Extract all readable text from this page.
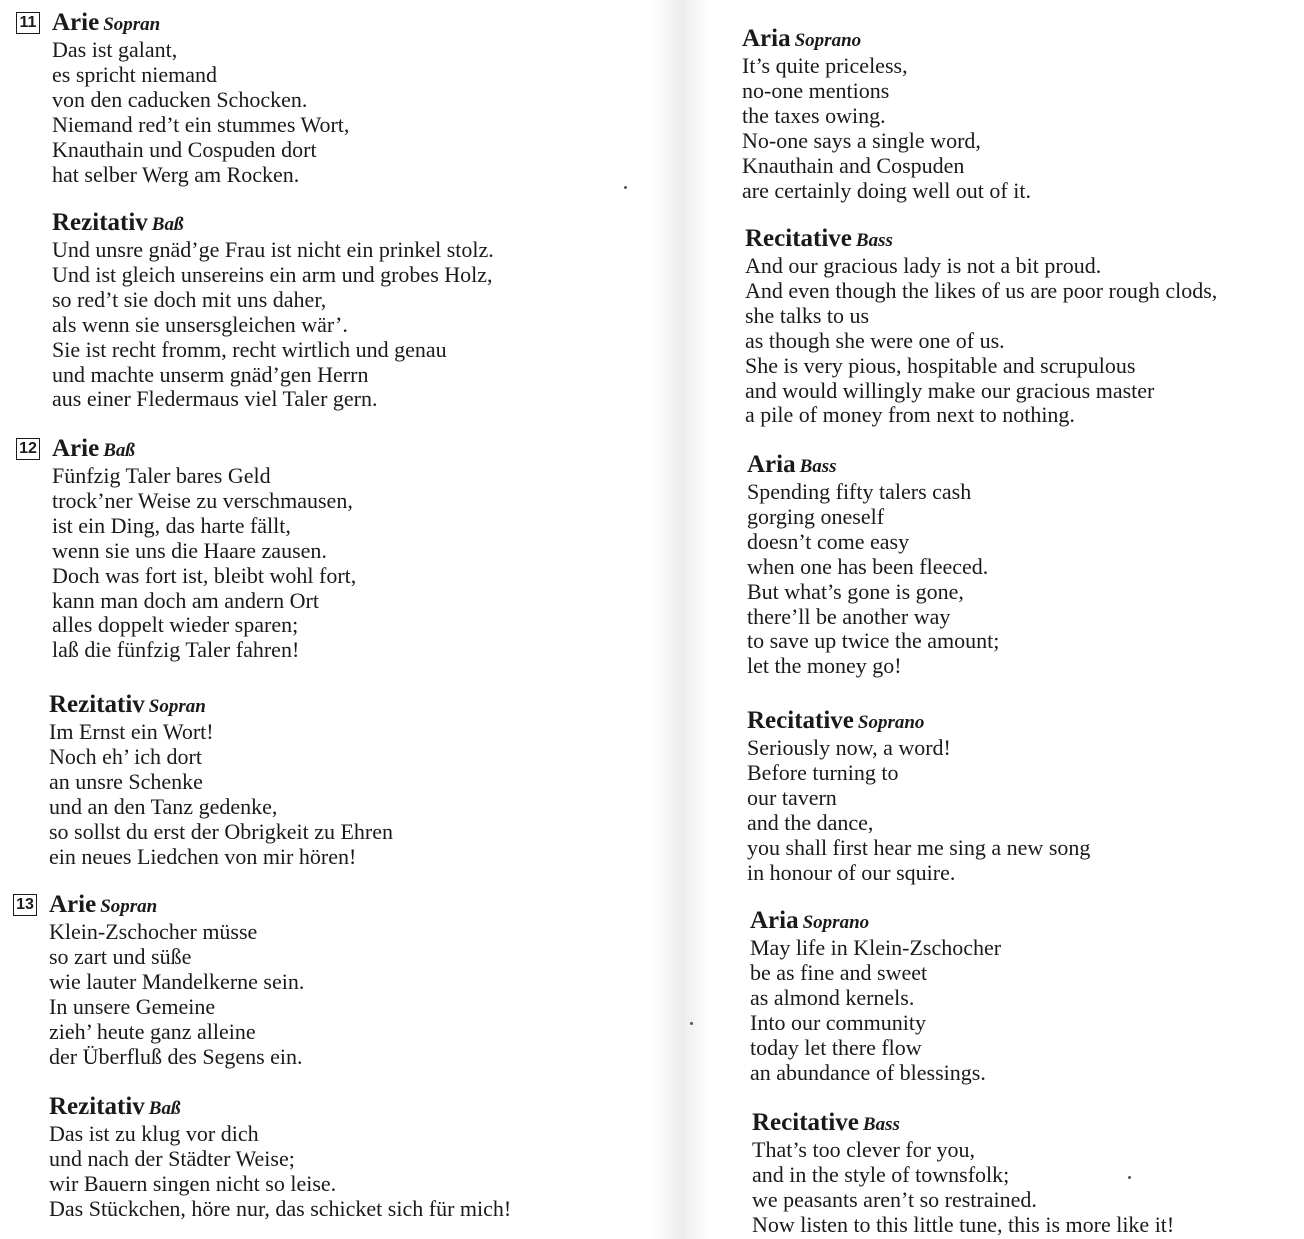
11 Arie Sopran
Das ist galant,
es spricht niemand
von den caducken Schocken.
Niemand red’t ein stummes Wort,
Knauthain und Cospuden dort
hat selber Werg am Rocken.
Rezitativ Baß
Und unsre gnäd’ge Frau ist nicht ein prinkel stolz.
Und ist gleich unsereins ein arm und grobes Holz,
so red’t sie doch mit uns daher,
als wenn sie unsersgleichen wär’.
Sie ist recht fromm, recht wirtlich und genau
und machte unserm gnäd’gen Herrn
aus einer Fledermaus viel Taler gern.
12 Arie Baß
Fünfzig Taler bares Geld
trock’ner Weise zu verschmausen,
ist ein Ding, das harte fällt,
wenn sie uns die Haare zausen.
Doch was fort ist, bleibt wohl fort,
kann man doch am andern Ort
alles doppelt wieder sparen;
laß die fünfzig Taler fahren!
Rezitativ Sopran
Im Ernst ein Wort!
Noch eh’ ich dort
an unsre Schenke
und an den Tanz gedenke,
so sollst du erst der Obrigkeit zu Ehren
ein neues Liedchen von mir hören!
13 Arie Sopran
Klein-Zschocher müsse
so zart und süße
wie lauter Mandelkerne sein.
In unsere Gemeine
zieh’ heute ganz alleine
der Überfluß des Segens ein.
Rezitativ Baß
Das ist zu klug vor dich
und nach der Städter Weise;
wir Bauern singen nicht so leise.
Das Stückchen, höre nur, das schicket sich für mich!
Aria Soprano
It’s quite priceless,
no-one mentions
the taxes owing.
No-one says a single word,
Knauthain and Cospuden
are certainly doing well out of it.
Recitative Bass
And our gracious lady is not a bit proud.
And even though the likes of us are poor rough clods,
she talks to us
as though she were one of us.
She is very pious, hospitable and scrupulous
and would willingly make our gracious master
a pile of money from next to nothing.
Aria Bass
Spending fifty talers cash
gorging oneself
doesn’t come easy
when one has been fleeced.
But what’s gone is gone,
there’ll be another way
to save up twice the amount;
let the money go!
Recitative Soprano
Seriously now, a word!
Before turning to
our tavern
and the dance,
you shall first hear me sing a new song
in honour of our squire.
Aria Soprano
May life in Klein-Zschocher
be as fine and sweet
as almond kernels.
Into our community
today let there flow
an abundance of blessings.
Recitative Bass
That’s too clever for you,
and in the style of townsfolk;
we peasants aren’t so restrained.
Now listen to this little tune, this is more like it!
